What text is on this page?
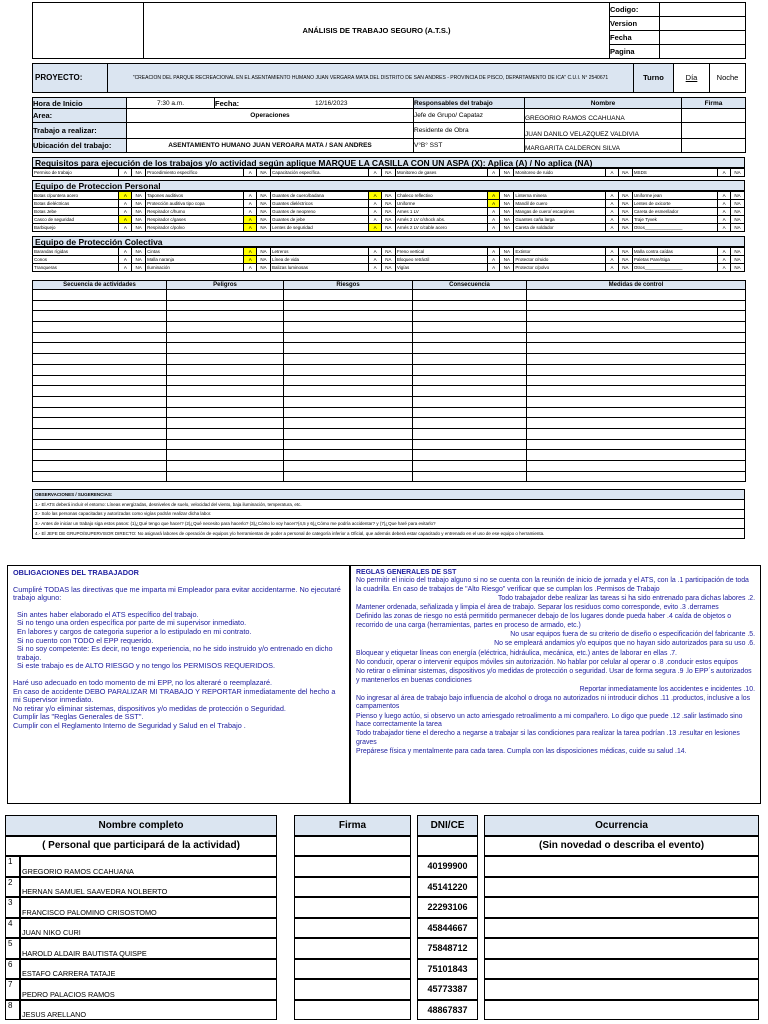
	ANÁLISIS DE TRABAJO SEGURO (A.T.S.)	Codigo:	
		Version	
		Fecha	
		Pagina	
PROYECTO:	"CREACION DEL PARQUE RECREACIONAL EN EL ASENTAMIENTO HUMANO JUAN VERGARA MATA DEL DISTRITO DE SAN ANDRES - PROVINCIA DE PISCO, DEPARTAMENTO DE ICA" C.U.I. N° 2540671	Turno	Día	Noche
Hora de Inicio	7:30 a.m.	Fecha:	12/16/2023	Responsables del trabajo	Nombre	Firma
Area:	Operaciones			Jefe de Grupo/ Capataz	GREGORIO RAMOS CCAHUANA	
Trabajo a realizar:				Residente de Obra	JUAN DANILO VELAZQUEZ VALDIVIA	
Ubicación del trabajo:	ASENTAMIENTO HUMANO JUAN VEROARA MATA / SAN ANDRES			V°B° SST	MARGARITA CALDERON SILVA	
Requisitos para ejecución de los trabajos y/o actividad según aplique MARQUE LA CASILLA CON UN ASPA (X): Aplica (A) / No aplica (NA)
Permiso de trabajo	A	NA	Procedimiento específico	A	NA	Capacitación específica.	A	NA	Monitoreo de gases	A	NA	Monitoreo de ruido	A	NA	MSDS	A	NA
Equipo de Proteccion Personal
Botas c/puntera acero	A	NA	Tapones auditivos	A	NA	Guantes de cuero/badana	A	NA	Chaleco reflectivo	A	NA	Linterna minera	A	NA	Uniforme jean	A	NA
Botas dieléctricas	A	NA	Protección auditiva tipo copa	A	NA	Guantes dieléctricos	A	NA	Uniforme	A	NA	Mandil de cuero	A	NA	Lentes de oxicorte	A	NA
Botas Jebe	A	NA	Respirador c/humo	A	NA	Guantes de neopreno	A	NA	Arnes 1 LV	A	NA	Mangas de cuero/ escarpines	A	NA	Careta de esmerilador	A	NA
Casco de seguridad	A	NA	Respirador c/gases	A	NA	Guantes de jebe	A	NA	Arnés 2 LV c/shock abs.	A	NA	Guantes caña larga	A	NA	Traje Tyvek	A	NA
Barbiquejo	A	NA	Respirador c/polvo	A	NA	Lentes de seguridad	A	NA	Arnés 2 LV c/cable acero	A	NA	Careta de soldador	A	NA	Otros_______________	A	NA
Equipo de Protección Colectiva
Barandas rígidas	A	NA	Cintas	A	NA	Letreros	A	NA	Freno vertical	A	NA	Extintor	A	NA	Malla contra caídas	A	NA
Conos	A	NA	Malla naranja	A	NA	Línea de vida	A	NA	Bloqueo retráctil	A	NA	Protector c/ruido	A	NA	Paletas Pare/Siga	A	NA
Tranqueras	A	NA	Iluminación	A	NA	Balizas luminosas	A	NA	Vigías	A	NA	Protector c/polvo	A	NA	Otros_______________	A	NA
Secuencia de actividades	Peligros	Riesgos	Consecuencia	Medidas de control

OBSERVACIONES / SUGERENCIAS:
1.- El ATS deberá incluir el entorno: Líneas energizadas, desniveles de suelo, velocidad del viento, baja iluminación, temperatura, etc.
2.- Solo las personas capacitadas y autorizadas como vigías podrán realizar dicha labor.
3.- Antes de iniciar un trabajo siga estos pasos: (1)¿Qué tengo que hacer? (2)¿Qué necesito para hacerlo? (3)¿Cómo lo voy hacer?(4,5 y 6)¿Cómo me podría accidentar? y (7)¿Que haré para evitarlo?
4.- El JEFE DE GRUPO/SUPERVISOR DIRECTO: No asignará labores de operación de equipos y/o herramientas de poder a personal de categoría inferior a Oficial, que además deberá estar capacitado y entrenado en el uso de ese equipo o herramienta.
OBLIGACIONES DEL TRABAJADOR
Cumpliré TODAS las directivas que me imparta mi Empleador para evitar accidentarme. No ejecutaré trabajo alguno:
Sin antes haber elaborado el ATS específico del trabajo.
Si no tengo una orden específica por parte de mi supervisor inmediato.
En labores y cargos de categoria superior a lo estipulado en mi contrato.
Si no cuento con TODO el EPP requerido.
Si no soy competente: Es decir, no tengo experiencia, no he sido instruido y/o entrenado en dicho trabajo.
Si este trabajo es de ALTO RIESGO y no tengo los PERMISOS REQUERIDOS.
Haré uso adecuado en todo momento de mi EPP, no los alteraré o reemplazaré.
En caso de accidente DEBO PARALIZAR MI TRABAJO Y REPORTAR inmediatamente del hecho a mi Supervisor inmediato.
No retirar y/o eliminar sistemas, dispositivos y/o medidas de protección o Seguridad.
Cumplir las "Reglas Generales de SST".
Cumplir con el Reglamento Interno de Seguridad y Salud en el Trabajo .
REGLAS GENERALES DE SST
No permitir el inicio del trabajo alguno si no se cuenta con la reunión de inicio de jornada y el ATS, con la .1 participación de toda la cuadrilla. En caso de trabajos de "Alto Riesgo" verificar que se cumplan los .Permisos de Trabajo
Todo trabajador debe realizar las tareas si ha sido entrenado para dichas labores .2.
Mantener ordenada, señalizada y limpia el área de trabajo. Separar los residuos como corresponde, evito .3 .derrames
Definido las zonas de riesgo no está permitido permanecer debajo de los lugares donde pueda haber .4 caída de objetos o recorrido de una carga (herramientas, partes en proceso de armado, etc.)
No usar equipos fuera de su criterio de diseño o especificación del fabricante .5.
No se empleará andamios y/o equipos que no hayan sido autorizados para su uso .6.
Bloquear y etiquetar líneas con energía (eléctrica, hidráulica, mecánica, etc.) antes de laborar en ellas .7.
No conducir, operar o intervenir equipos móviles sin autorización. No hablar por celular al operar o .8 .conducir estos equipos
No retirar o eliminar sistemas, dispositivos y/o medidas de protección o seguridad. Usar de forma segura .9 .lo EPP´s autorizados y mantenerlos en buenas condiciones
Reportar inmediatamente los accidentes e incidentes .10.
No ingresar al área de trabajo bajo influencia de alcohol o droga no autorizados ni introducir dichos .11 .productos, inclusive a los campamentos
Pienso y luego actúo, si observo un acto arriesgado retroalimento a mi compañero. Lo digo que puede .12 .salir lastimado sino hace correctamente la tarea
Todo trabajador tiene el derecho a negarse a trabajar si las condiciones para realizar la tarea podrían .13 .resultar en lesiones graves
Prepárese física y mentalmente para cada tarea. Cumpla con las disposiciones médicas, cuide su salud .14.
Nombre completo			Firma		DNI/CE		Ocurrencia
( Personal que participará de la actividad)							(Sin novedad o describa el evento)
1	GREGORIO RAMOS CCAHUANA				40199900		
2	HERNAN SAMUEL SAAVEDRA NOLBERTO				45141220		
3	FRANCISCO PALOMINO CRISOSTOMO				22293106		
4	JUAN NIKO CURI				45844667		
5	HAROLD ALDAIR BAUTISTA QUISPE				75848712		
6	ESTAFO CARRERA TATAJE				75101843		
7	PEDRO PALACIOS RAMOS				45773387		
8	JESUS ARELLANO				48867837		
